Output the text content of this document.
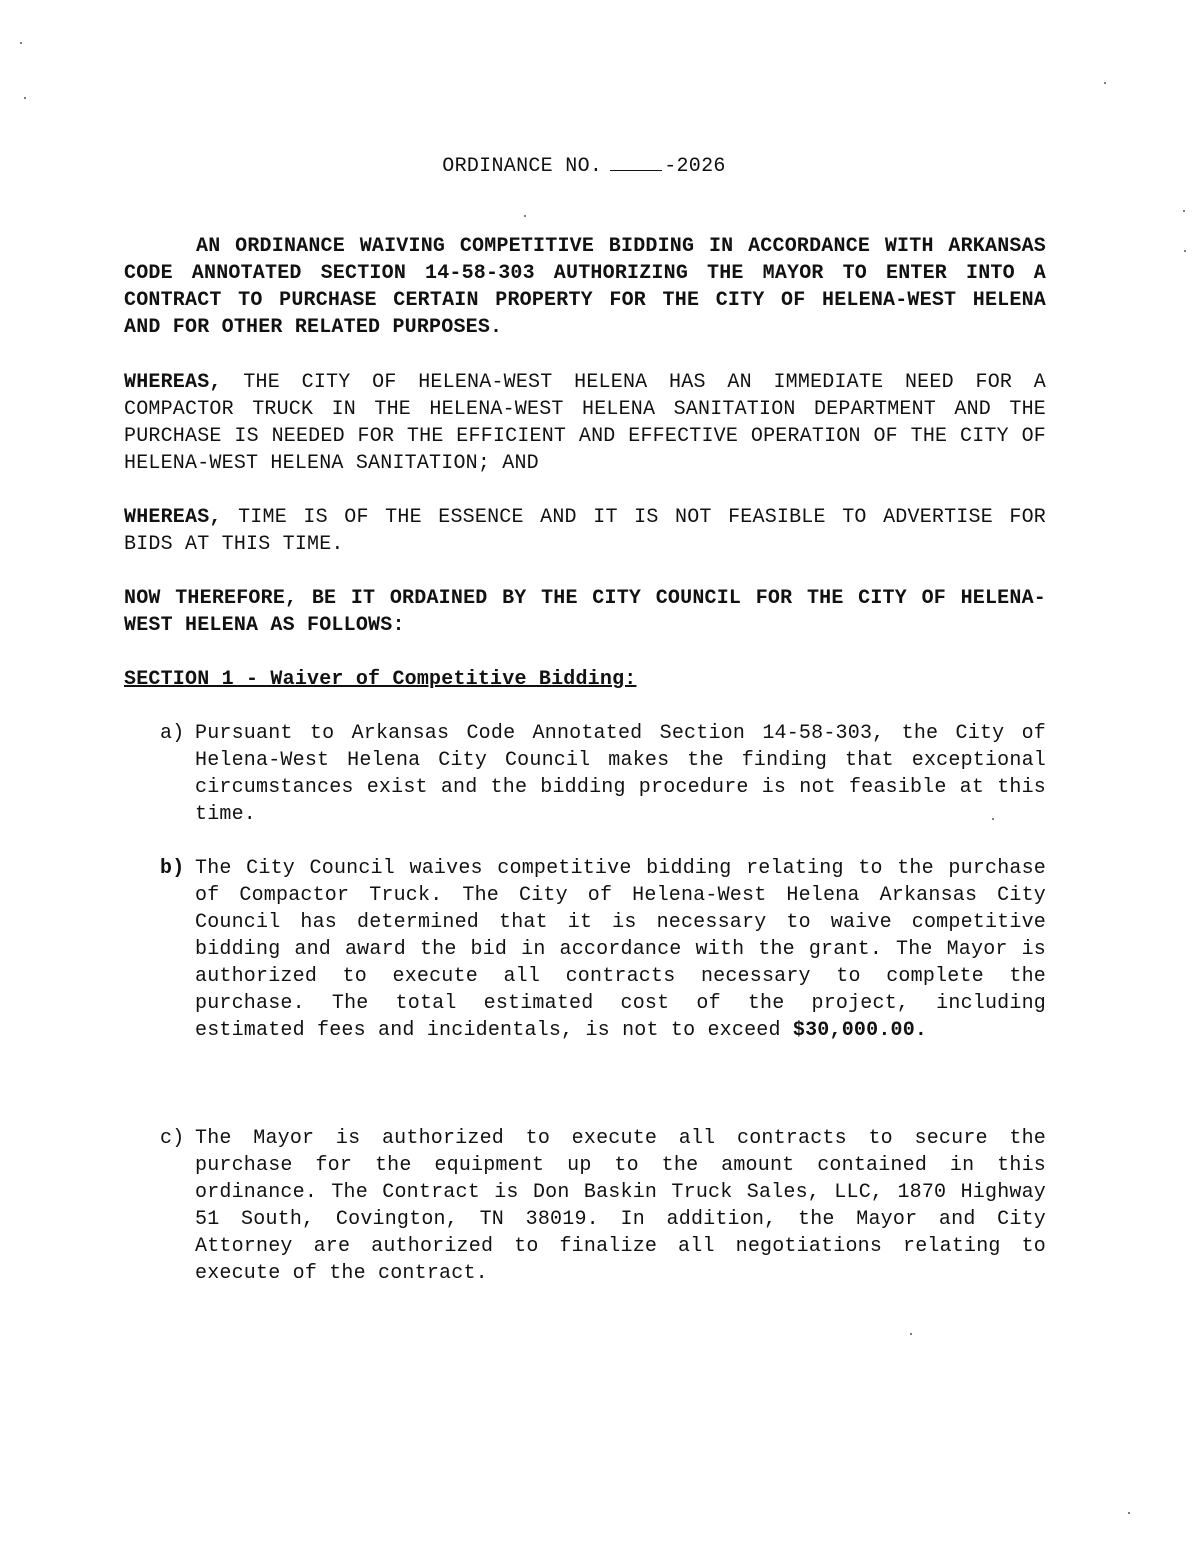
ORDINANCE NO.	-2026
AN ORDINANCE WAIVING COMPETITIVE BIDDING IN ACCORDANCE WITH ARKANSAS CODE ANNOTATED SECTION 14-58-303 AUTHORIZING THE MAYOR TO ENTER INTO A CONTRACT TO PURCHASE CERTAIN PROPERTY FOR THE CITY OF HELENA-WEST HELENA AND FOR OTHER RELATED PURPOSES.
WHEREAS, THE CITY OF HELENA-WEST HELENA HAS AN IMMEDIATE NEED FOR A COMPACTOR TRUCK IN THE HELENA-WEST HELENA SANITATION DEPARTMENT AND THE PURCHASE IS NEEDED FOR THE EFFICIENT AND EFFECTIVE OPERATION OF THE CITY OF HELENA-WEST HELENA SANITATION; AND
WHEREAS, TIME IS OF THE ESSENCE AND IT IS NOT FEASIBLE TO ADVERTISE FOR BIDS AT THIS TIME.
NOW THEREFORE, BE IT ORDAINED BY THE CITY COUNCIL FOR THE CITY OF HELENA-WEST HELENA AS FOLLOWS:
SECTION 1 - Waiver of Competitive Bidding:
a) Pursuant to Arkansas Code Annotated Section 14-58-303, the City of Helena-West Helena City Council makes the finding that exceptional circumstances exist and the bidding procedure is not feasible at this time.
b) The City Council waives competitive bidding relating to the purchase of Compactor Truck. The City of Helena-West Helena Arkansas City Council has determined that it is necessary to waive competitive bidding and award the bid in accordance with the grant. The Mayor is authorized to execute all contracts necessary to complete the purchase. The total estimated cost of the project, including estimated fees and incidentals, is not to exceed $30,000.00.
c) The Mayor is authorized to execute all contracts to secure the purchase for the equipment up to the amount contained in this ordinance. The Contract is Don Baskin Truck Sales, LLC, 1870 Highway 51 South, Covington, TN 38019. In addition, the Mayor and City Attorney are authorized to finalize all negotiations relating to execute of the contract.
